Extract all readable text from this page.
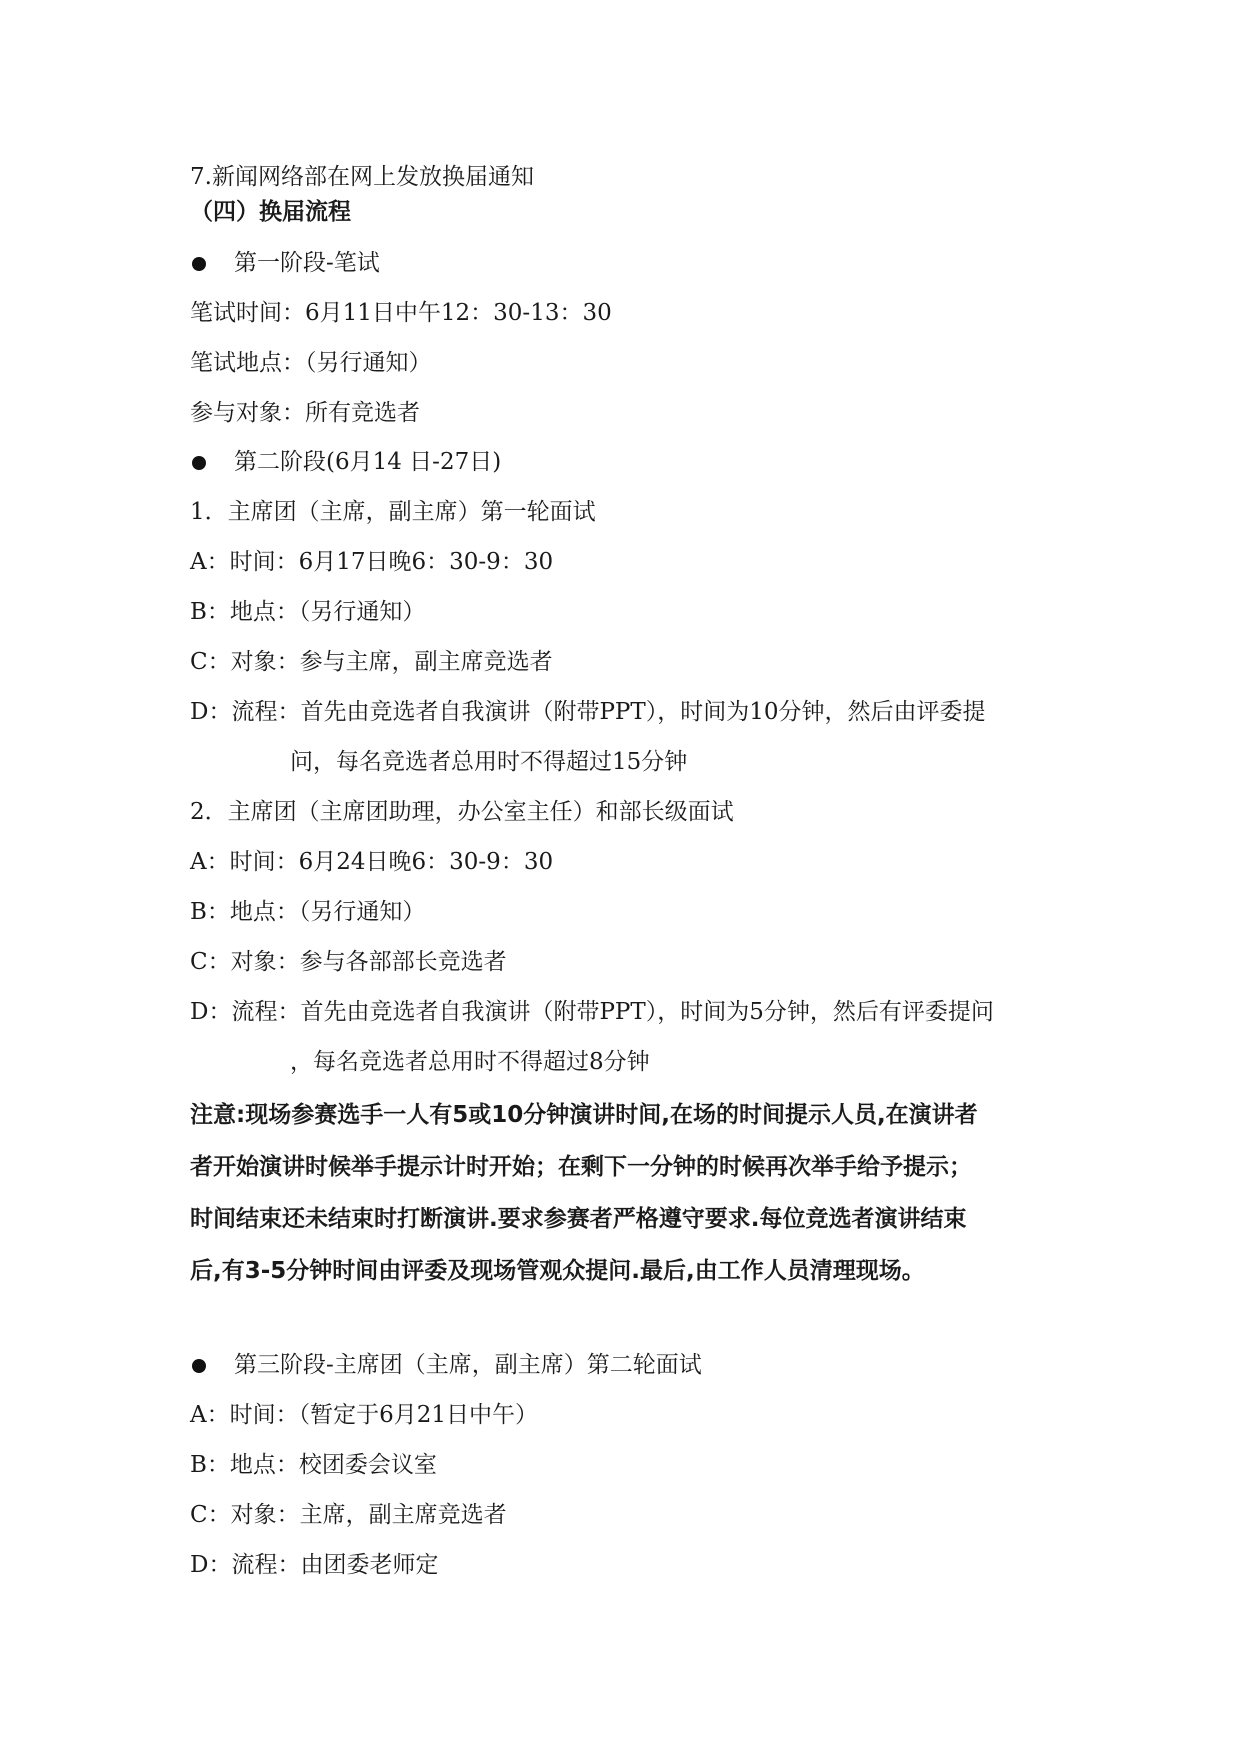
7.新闻网络部在网上发放换届通知
（四）换届流程
第一阶段-笔试
笔试时间：6月11日中午12：30-13：30
笔试地点：（另行通知）
参与对象：所有竞选者
第二阶段(6月14 日-27日)
1．主席团（主席，副主席）第一轮面试
A：时间：6月17日晚6：30-9：30
B：地点：（另行通知）
C：对象：参与主席，副主席竞选者
D：流程：首先由竞选者自我演讲（附带PPT），时间为10分钟，然后由评委提
问，每名竞选者总用时不得超过15分钟
2．主席团（主席团助理，办公室主任）和部长级面试
A：时间：6月24日晚6：30-9：30
B：地点：（另行通知）
C：对象：参与各部部长竞选者
D：流程：首先由竞选者自我演讲（附带PPT），时间为5分钟，然后有评委提问
，每名竞选者总用时不得超过8分钟
注意:现场参赛选手一人有5或10分钟演讲时间,在场的时间提示人员,在演讲者
者开始演讲时候举手提示计时开始；在剩下一分钟的时候再次举手给予提示；
时间结束还未结束时打断演讲.要求参赛者严格遵守要求.每位竞选者演讲结束
后,有3-5分钟时间由评委及现场管观众提问.最后,由工作人员清理现场。
第三阶段-主席团（主席，副主席）第二轮面试
A：时间：（暂定于6月21日中午）
B：地点：校团委会议室
C：对象：主席，副主席竞选者
D：流程：由团委老师定
